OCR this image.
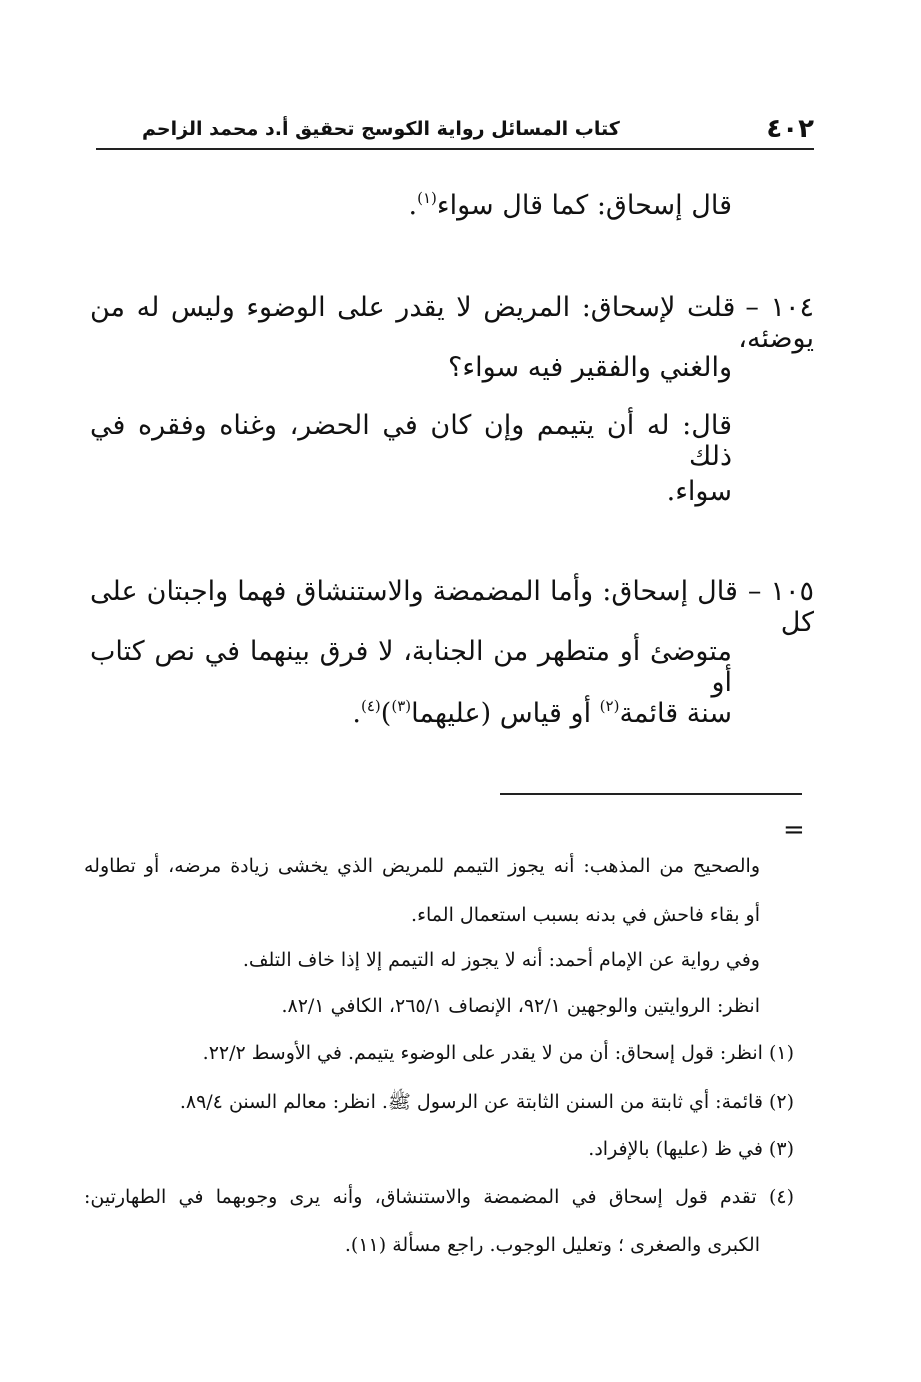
٤٠٢
كتاب المسائل رواية الكوسج تحقيق أ.د محمد الزاحم
قال إسحاق: كما قال سواء$^{(١)}$.
١٠٤ –قلت لإسحاق: المريض لا يقدر على الوضوء وليس له من يوضئه،
والغني والفقير فيه سواء؟
قال: له أن يتيمم وإن كان في الحضر، وغناه وفقره في ذلك
سواء.
١٠٥ –قال إسحاق: وأما المضمضة والاستنشاق فهما واجبتان على كل
متوضئ أو متطهر من الجنابة، لا فرق بينهما في نص كتاب أو
سنة قائمة$^{(٢)}$ أو قياس (عليهما$^{(٣)}$)$^{(٤)}$.
=
والصحيح من المذهب: أنه يجوز التيمم للمريض الذي يخشى زيادة مرضه، أو تطاوله
أو بقاء فاحش في بدنه بسبب استعمال الماء.
وفي رواية عن الإمام أحمد: أنه لا يجوز له التيمم إلا إذا خاف التلف.
انظر: الروايتين والوجهين ٩٢/١، الإنصاف ٢٦٥/١، الكافي ٨٢/١.
(١) انظر: قول إسحاق: أن من لا يقدر على الوضوء يتيمم. في الأوسط ٢٢/٢.
(٢) قائمة: أي ثابتة من السنن الثابتة عن الرسول ﷺ. انظر: معالم السنن ٨٩/٤.
(٣) في ظ (عليها) بالإفراد.
(٤) تقدم قول إسحاق في المضمضة والاستنشاق، وأنه يرى وجوبهما في الطهارتين:
الكبرى والصغرى ؛ وتعليل الوجوب. راجع مسألة (١١).
